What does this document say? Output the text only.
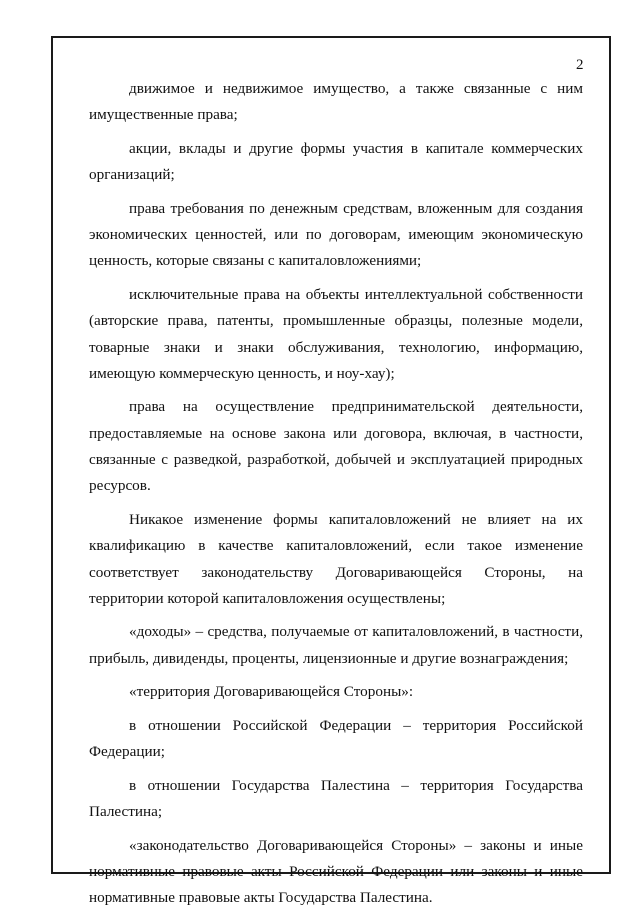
2

движимое и недвижимое имущество, а также связанные с ним имущественные права;

акции, вклады и другие формы участия в капитале коммерческих организаций;

права требования по денежным средствам, вложенным для создания экономических ценностей, или по договорам, имеющим экономическую ценность, которые связаны с капиталовложениями;

исключительные права на объекты интеллектуальной собственности (авторские права, патенты, промышленные образцы, полезные модели, товарные знаки и знаки обслуживания, технологию, информацию, имеющую коммерческую ценность, и ноу-хау);

права на осуществление предпринимательской деятельности, предоставляемые на основе закона или договора, включая, в частности, связанные с разведкой, разработкой, добычей и эксплуатацией природных ресурсов.

Никакое изменение формы капиталовложений не влияет на их квалификацию в качестве капиталовложений, если такое изменение соответствует законодательству Договаривающейся Стороны, на территории которой капиталовложения осуществлены;

«доходы» – средства, получаемые от капиталовложений, в частности, прибыль, дивиденды, проценты, лицензионные и другие вознаграждения;

«территория Договаривающейся Стороны»:

в отношении Российской Федерации – территория Российской Федерации;

в отношении Государства Палестина – территория Государства Палестина;

«законодательство Договаривающейся Стороны» – законы и иные нормативные правовые акты Российской Федерации или законы и иные нормативные правовые акты Государства Палестина.
